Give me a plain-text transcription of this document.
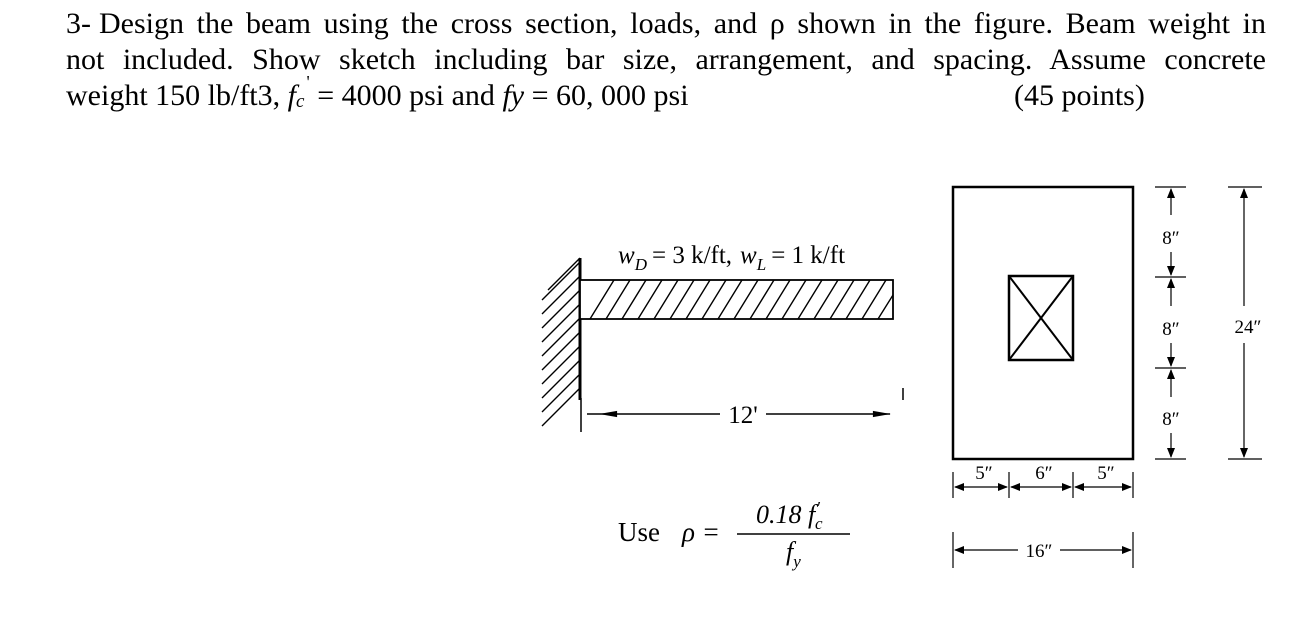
3- Design the beam using the cross section, loads, and ρ shown in the figure. Beam weight in
not included. Show sketch including bar size, arrangement, and spacing. Assume concrete
weight 150 lb/ft3,
f c
'
= 4000 psi and
fy
= 60, 000 psi	(45 points)
$w_D = 3$ k/ft, $w_L = 1$ k/ft
12'
Use ρ =
0.18 f ′ c
$f_y$
8″
8″
8″
24″
5″ 6″ 5″
16″
